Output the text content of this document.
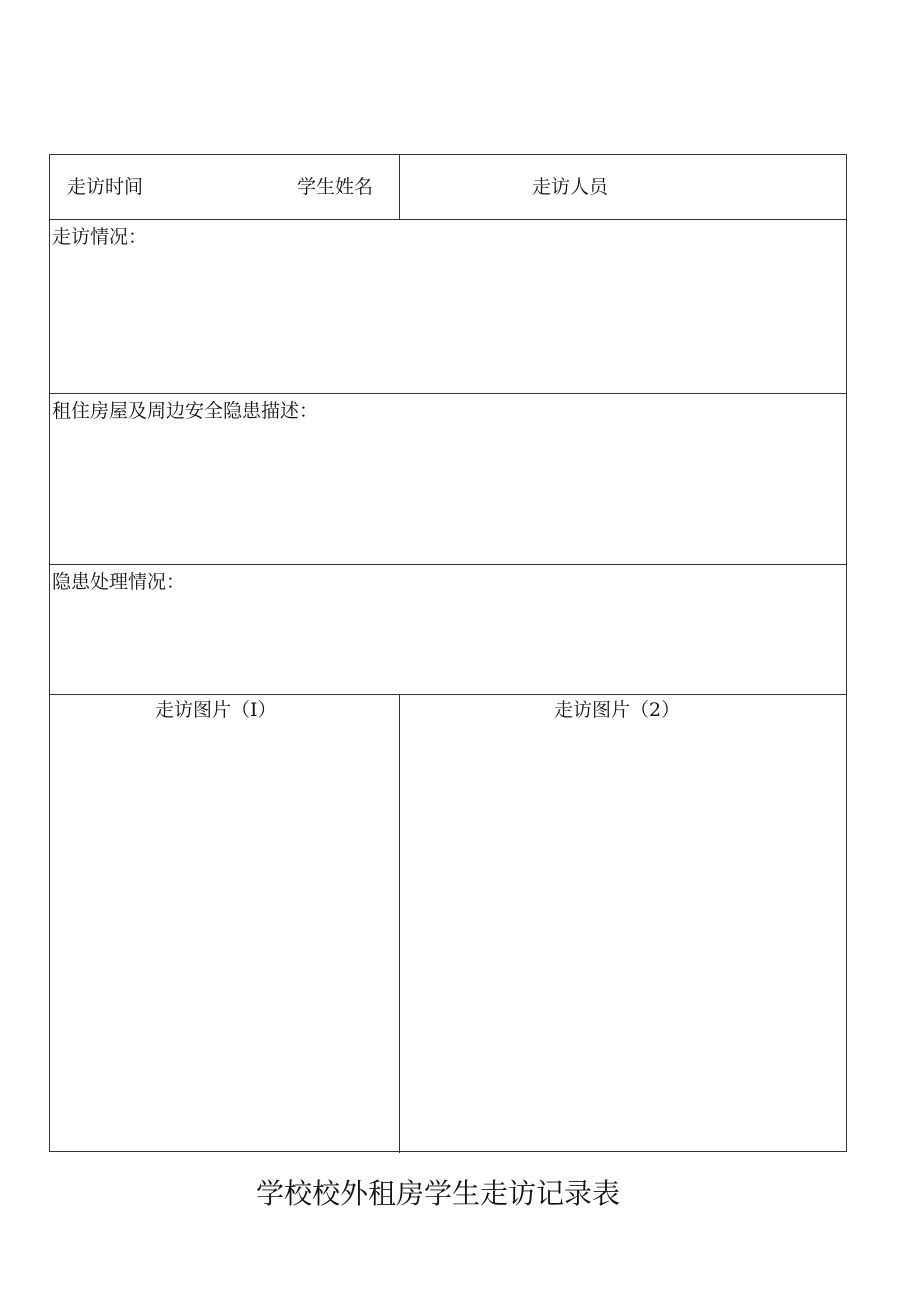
走访时间	学生姓名	走访人员
走访情况：
租住房屋及周边安全隐患描述：
隐患处理情况：
走访图片（I）	走访图片（2）
学校校外租房学生走访记录表
